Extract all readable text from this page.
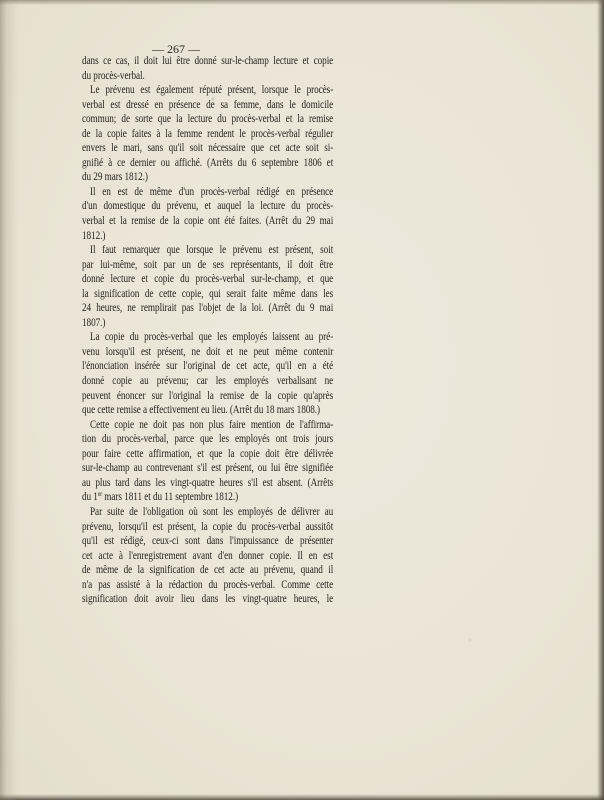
— 267 —
dans ce cas, il doit lui être donné sur-le-champ lecture et copie
du procès-verbal.
Le prévenu est également réputé présent, lorsque le procès-
verbal est dressé en présence de sa femme, dans le domicile
commun; de sorte que la lecture du procès-verbal et la remise
de la copie faites à la femme rendent le procès-verbal régulier
envers le mari, sans qu'il soit nécessaire que cet acte soit si-
gnifié à ce dernier ou affiché. (Arrêts du 6 septembre 1806 et
du 29 mars 1812.)
Il en est de même d'un procès-verbal rédigé en présence
d'un domestique du prévenu, et auquel la lecture du procès-
verbal et la remise de la copie ont été faites. (Arrêt du 29 mai
1812.)
Il faut remarquer que lorsque le prévenu est présent, soit
par lui-même, soit par un de ses représentants, il doit être
donné lecture et copie du procès-verbal sur-le-champ, et que
la signification de cette copie, qui serait faite même dans les
24 heures, ne remplirait pas l'objet de la loi. (Arrêt du 9 mai
1807.)
La copie du procès-verbal que les employés laissent au pré-
venu lorsqu'il est présent, ne doit et ne peut même contenir
l'énonciation insérée sur l'original de cet acte, qu'il en a été
donné copie au prévenu; car les employés verbalisant ne
peuvent énoncer sur l'original la remise de la copie qu'après
que cette remise a effectivement eu lieu. (Arrêt du 18 mars 1808.)
Cette copie ne doit pas non plus faire mention de l'affirma-
tion du procès-verbal, parce que les employés ont trois jours
pour faire cette affirmation, et que la copie doit être délivrée
sur-le-champ au contrevenant s'il est présent, ou lui être signifiée
au plus tard dans les vingt-quatre heures s'il est absent. (Arrêts
du 1er mars 1811 et du 11 septembre 1812.)
Par suite de l'obligation où sont les employés de délivrer au
prévenu, lorsqu'il est présent, la copie du procès-verbal aussitôt
qu'il est rédigé, ceux-ci sont dans l'impuissance de présenter
cet acte à l'enregistrement avant d'en donner copie. Il en est
de même de la signification de cet acte au prévenu, quand il
n'a pas assisté à la rédaction du procès-verbal. Comme cette
signification doit avoir lieu dans les vingt-quatre heures, le
